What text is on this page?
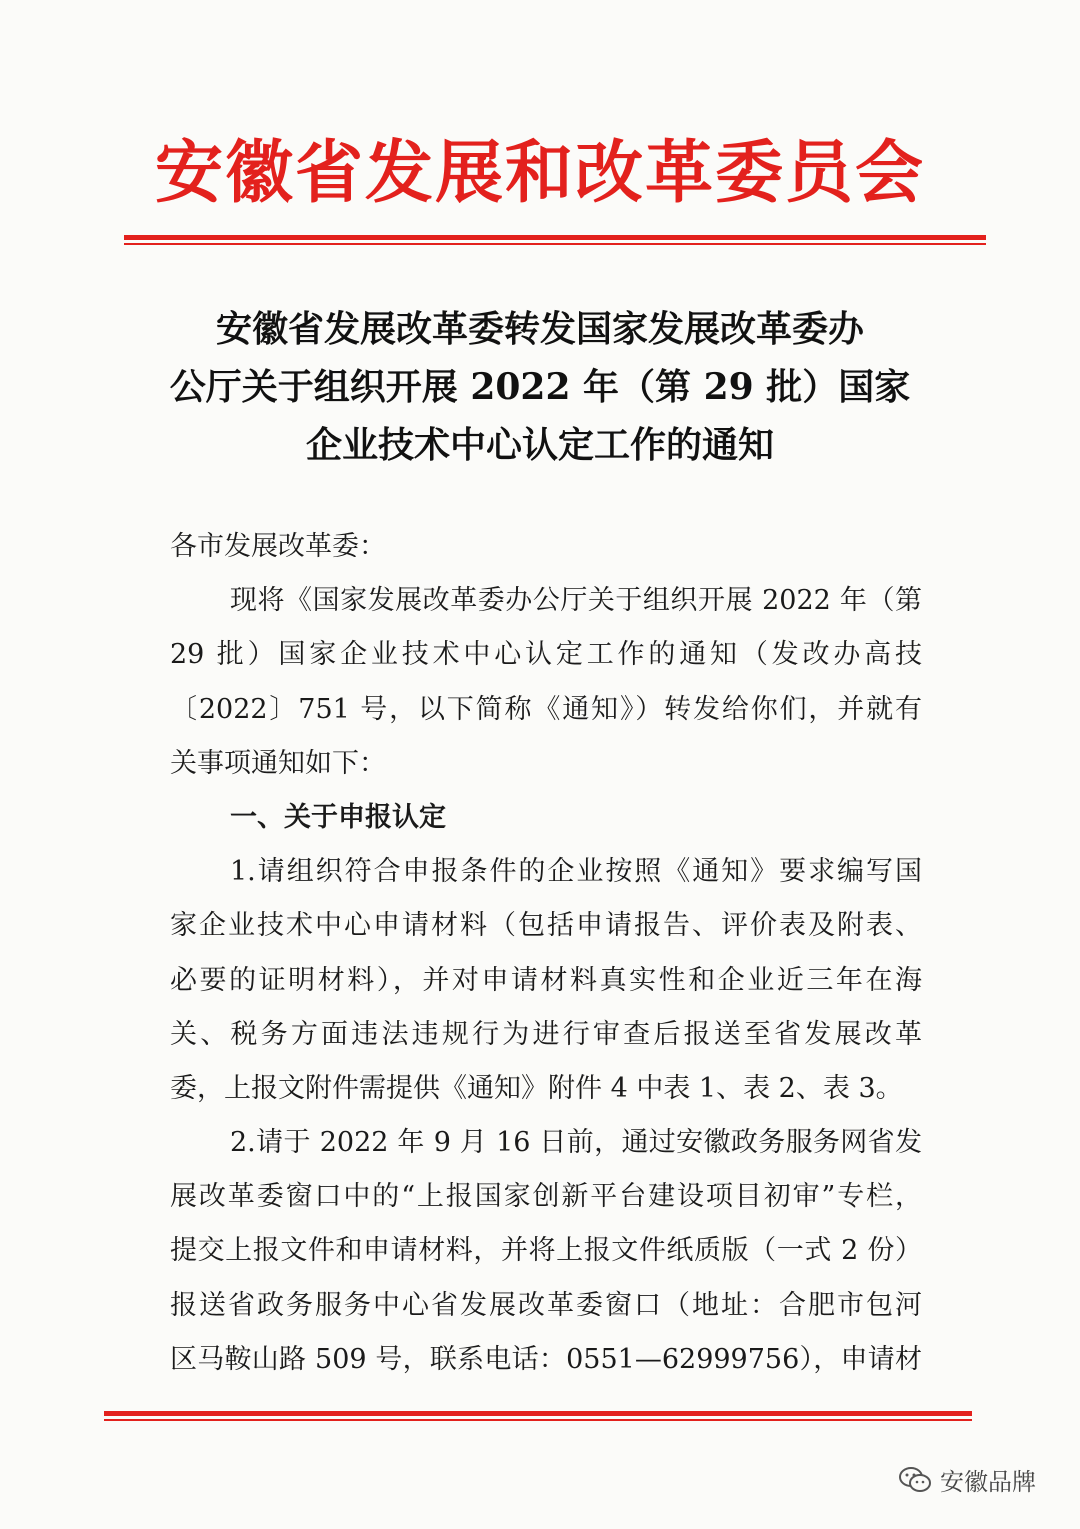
安徽省发展和改革委员会
安徽省发展改革委转发国家发展改革委办
公厅关于组织开展 2022 年（第 29 批）国家
企业技术中心认定工作的通知
各市发展改革委：
现将《国家发展改革委办公厅关于组织开展 2022 年（第
29 批）国家企业技术中心认定工作的通知（发改办高技
〔2022〕751 号，以下简称《通知》）转发给你们，并就有
关事项通知如下：
一、关于申报认定
1.请组织符合申报条件的企业按照《通知》要求编写国
家企业技术中心申请材料（包括申请报告、评价表及附表、
必要的证明材料），并对申请材料真实性和企业近三年在海
关、税务方面违法违规行为进行审查后报送至省发展改革
委，上报文附件需提供《通知》附件 4 中表 1、表 2、表 3。
2.请于 2022 年 9 月 16 日前，通过安徽政务服务网省发
展改革委窗口中的“上报国家创新平台建设项目初审”专栏，
提交上报文件和申请材料，并将上报文件纸质版（一式 2 份）
报送省政务服务中心省发展改革委窗口（地址：合肥市包河
区马鞍山路 509 号，联系电话：0551—62999756），申请材
安徽品牌
